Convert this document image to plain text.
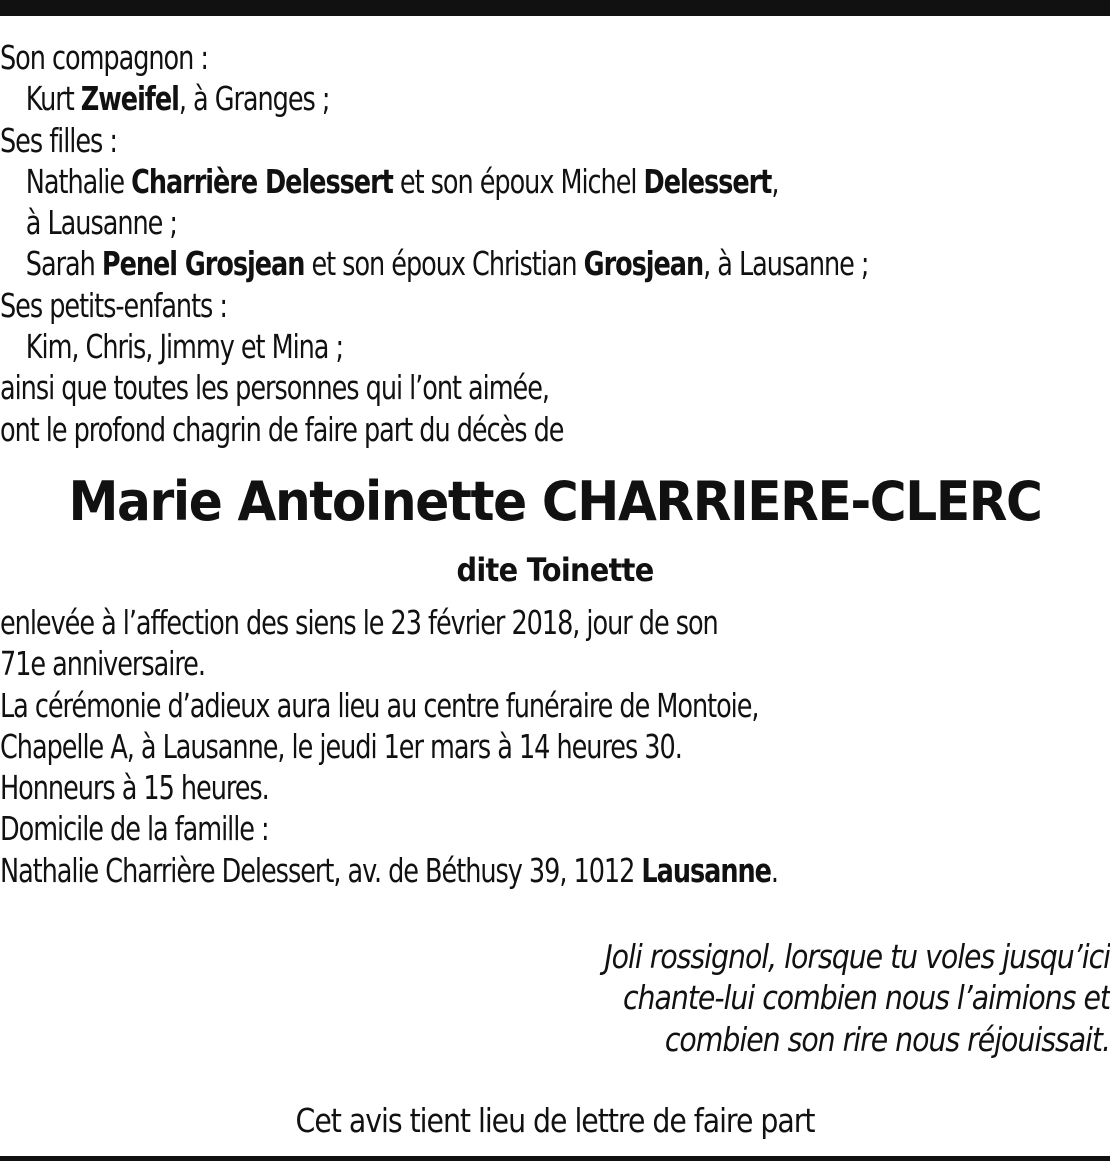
Son compagnon :
Kurt Zweifel, à Granges ;
Ses filles :
Nathalie Charrière Delessert et son époux Michel Delessert,
à Lausanne ;
Sarah Penel Grosjean et son époux Christian Grosjean, à Lausanne ;
Ses petits-enfants :
Kim, Chris, Jimmy et Mina ;
ainsi que toutes les personnes qui l’ont aimée,
ont le profond chagrin de faire part du décès de
Marie Antoinette CHARRIERE-CLERC
dite Toinette
enlevée à l’affection des siens le 23 février 2018, jour de son
71e anniversaire.
La cérémonie d’adieux aura lieu au centre funéraire de Montoie,
Chapelle A, à Lausanne, le jeudi 1er mars à 14 heures 30.
Honneurs à 15 heures.
Domicile de la famille :
Nathalie Charrière Delessert, av. de Béthusy 39, 1012 Lausanne.
Joli rossignol, lorsque tu voles jusqu’ici
chante-lui combien nous l’aimions et
combien son rire nous réjouissait.
Cet avis tient lieu de lettre de faire part
